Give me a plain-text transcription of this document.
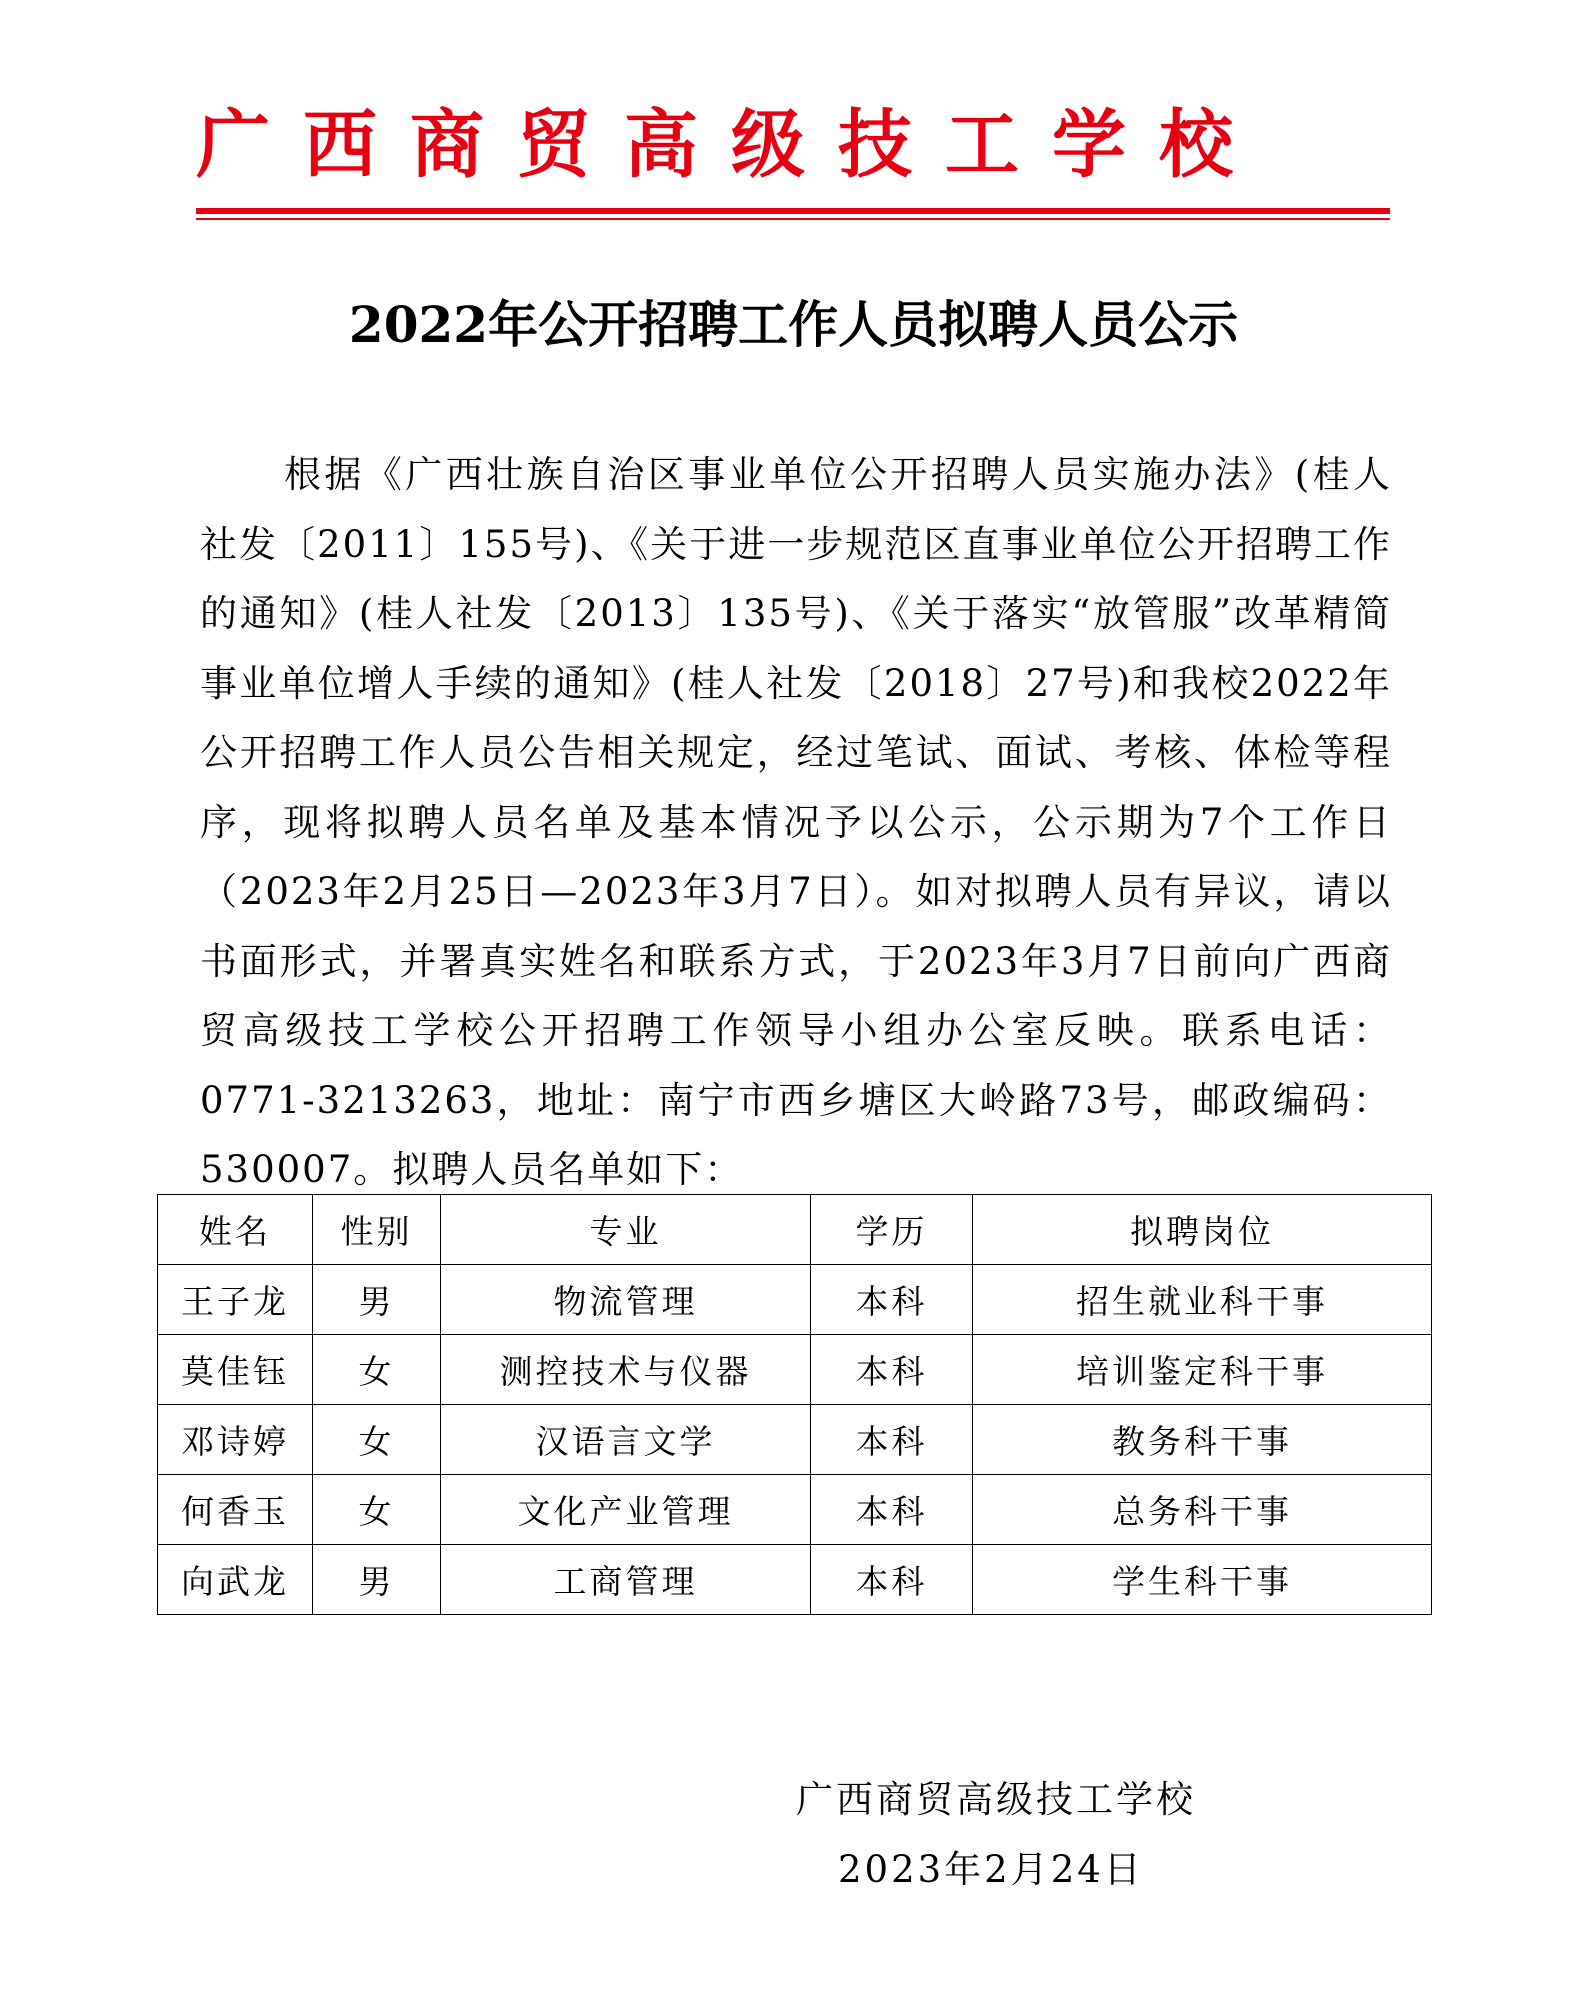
广西商贸高级技工学校
2022年公开招聘工作人员拟聘人员公示

根据《广西壮族自治区事业单位公开招聘人员实施办法》(桂人社发〔2011〕155号)、《关于进一步规范区直事业单位公开招聘工作的通知》(桂人社发〔2013〕135号)、《关于落实“放管服”改革精简事业单位增人手续的通知》(桂人社发〔2018〕27号)和我校2022年公开招聘工作人员公告相关规定，经过笔试、面试、考核、体检等程序，现将拟聘人员名单及基本情况予以公示，公示期为7个工作日（2023年2月25日—2023年3月7日）。如对拟聘人员有异议，请以书面形式，并署真实姓名和联系方式，于2023年3月7日前向广西商贸高级技工学校公开招聘工作领导小组办公室反映。联系电话：0771-3213263，地址：南宁市西乡塘区大岭路73号，邮政编码：530007。拟聘人员名单如下：

姓名	性别	专业	学历	拟聘岗位
王子龙	男	物流管理	本科	招生就业科干事
莫佳钰	女	测控技术与仪器	本科	培训鉴定科干事
邓诗婷	女	汉语言文学	本科	教务科干事
何香玉	女	文化产业管理	本科	总务科干事
向武龙	男	工商管理	本科	学生科干事

广西商贸高级技工学校

2023年2月24日
